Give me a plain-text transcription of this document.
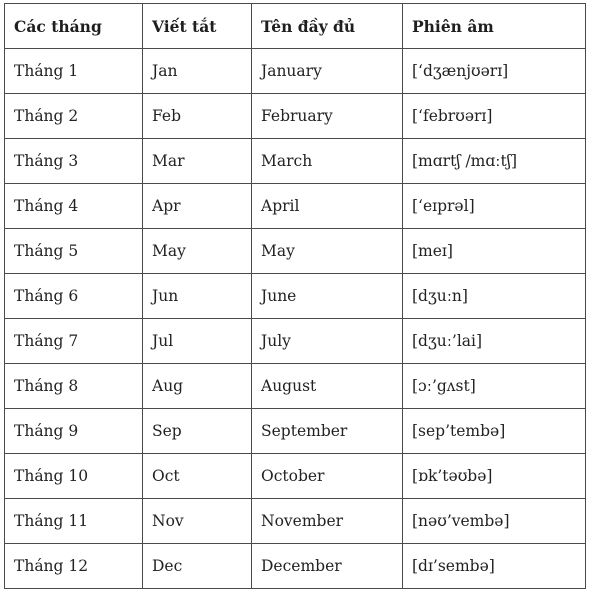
Các tháng	Viết tắt	Tên đầy đủ	Phiên âm
Tháng 1	Jan	January	[‘dʒænjʊərɪ]
Tháng 2	Feb	February	[‘febrʊərɪ]
Tháng 3	Mar	March	[mɑrtʃ /mɑːtʃ]
Tháng 4	Apr	April	[‘eɪprəl]
Tháng 5	May	May	[meɪ]
Tháng 6	Jun	June	[dʒuːn]
Tháng 7	Jul	July	[dʒuː’lai]
Tháng 8	Aug	August	[ɔː’gʌst]
Tháng 9	Sep	September	[sep’tembə]
Tháng 10	Oct	October	[ɒk’təʊbə]
Tháng 11	Nov	November	[nəʊ’vembə]
Tháng 12	Dec	December	[dɪ’sembə]
